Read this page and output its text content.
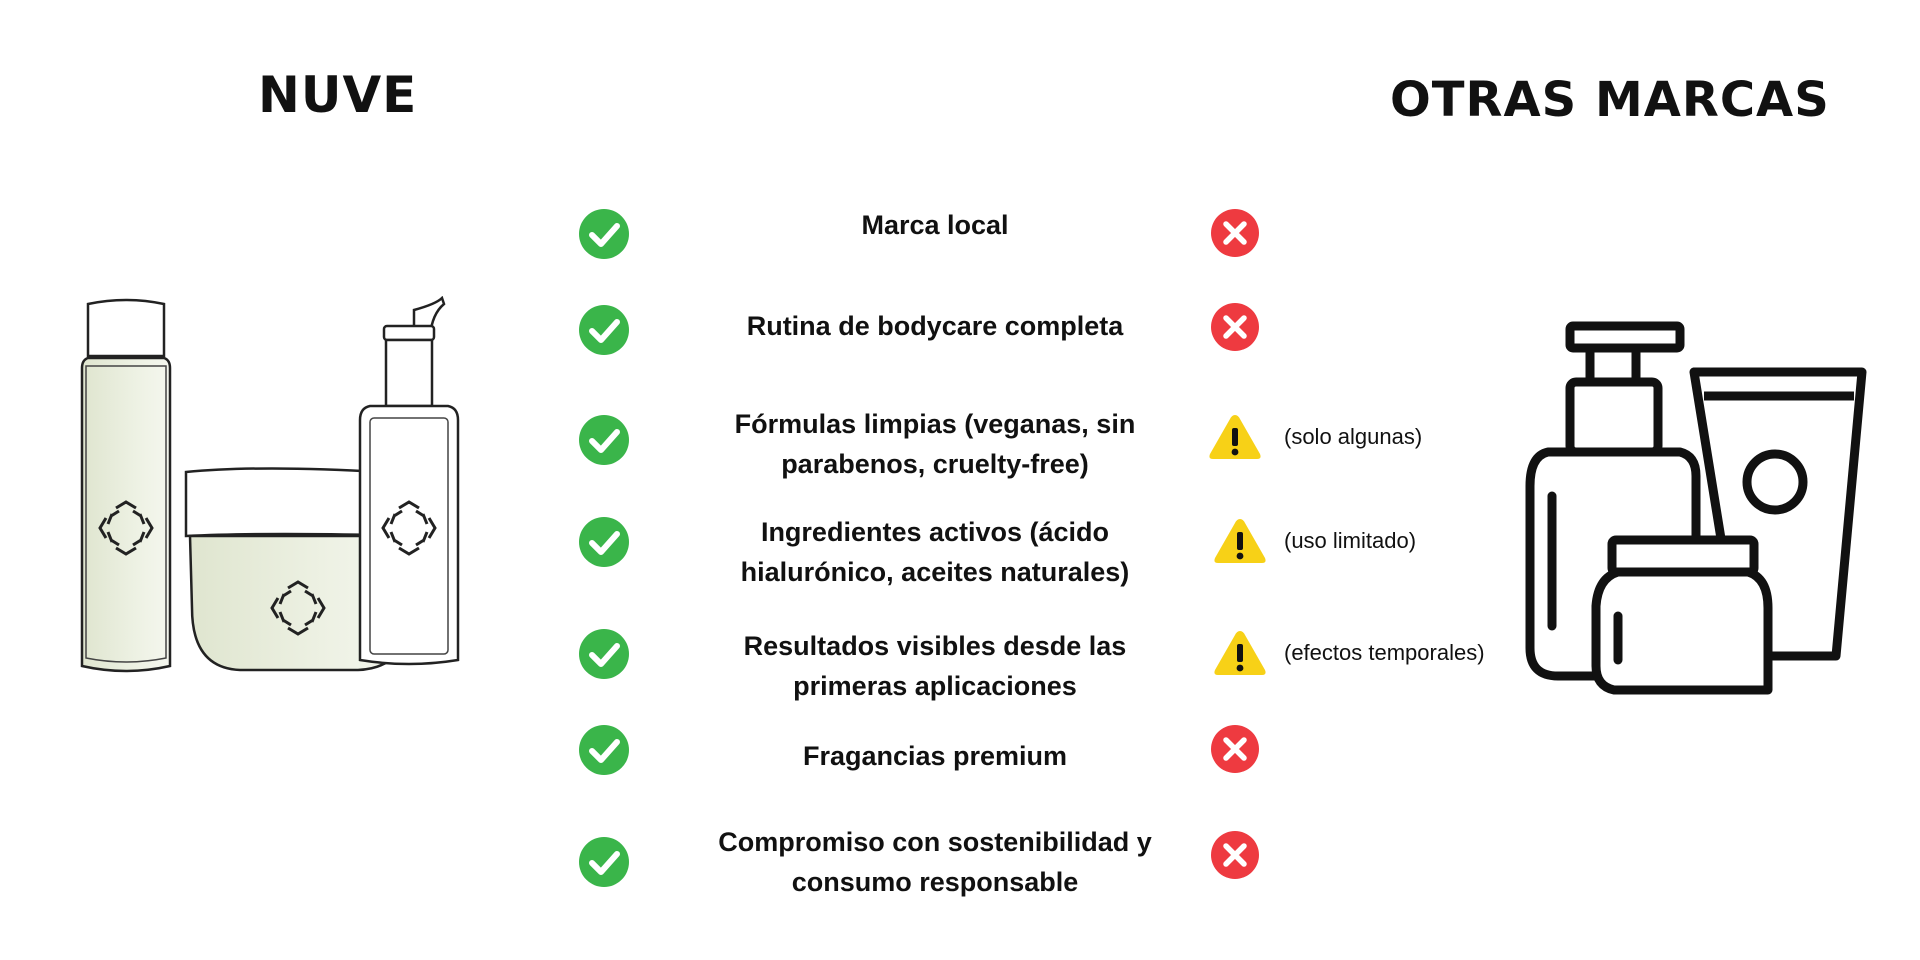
NUVE	OTRAS MARCAS
Marca local
Rutina de bodycare completa
Fórmulas limpias (veganas, sin
parabenos, cruelty-free)
(solo algunas)
Ingredientes activos (ácido
hialurónico, aceites naturales)
(uso limitado)
Resultados visibles desde las
primeras aplicaciones
(efectos temporales)
Fragancias premium
Compromiso con sostenibilidad y
consumo responsable
